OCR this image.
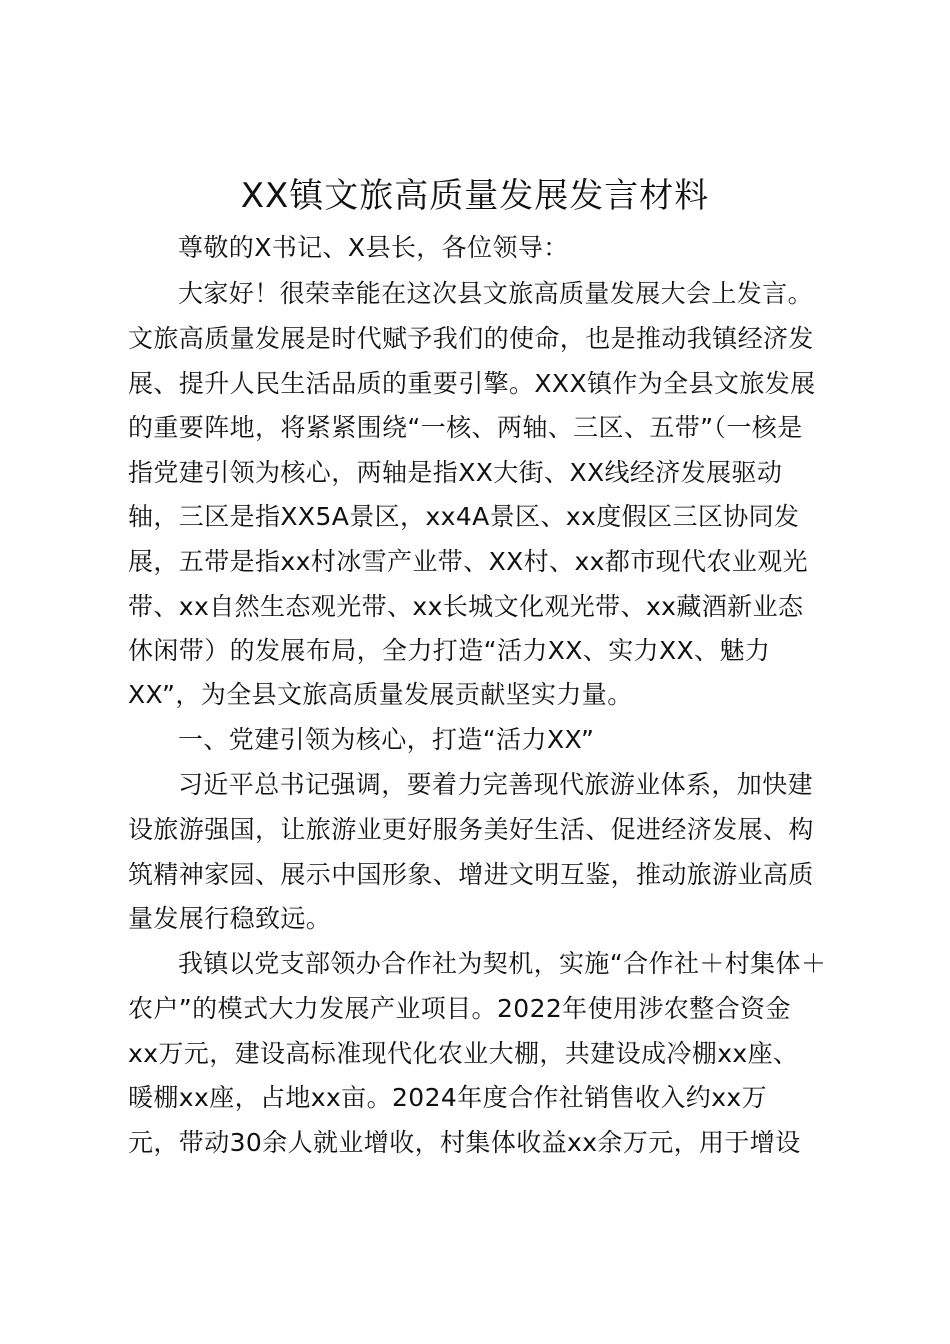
XX镇文旅高质量发展发言材料
尊敬的X书记、X县长，各位领导：
大家好！很荣幸能在这次县文旅高质量发展大会上发言。
文旅高质量发展是时代赋予我们的使命，也是推动我镇经济发
展、提升人民生活品质的重要引擎。XXX镇作为全县文旅发展
的重要阵地，将紧紧围绕“一核、两轴、三区、五带”（一核是
指党建引领为核心，两轴是指XX大街、XX线经济发展驱动
轴，三区是指XX5A景区，xx4A景区、xx度假区三区协同发
展，五带是指xx村冰雪产业带、XX村、xx都市现代农业观光
带、xx自然生态观光带、xx长城文化观光带、xx藏酒新业态
休闲带）的发展布局，全力打造“活力XX、实力XX、魅力
XX”，为全县文旅高质量发展贡献坚实力量。
一、党建引领为核心，打造“活力XX”
习近平总书记强调，要着力完善现代旅游业体系，加快建
设旅游强国，让旅游业更好服务美好生活、促进经济发展、构
筑精神家园、展示中国形象、增进文明互鉴，推动旅游业高质
量发展行稳致远。
我镇以党支部领办合作社为契机，实施“合作社＋村集体＋
农户”的模式大力发展产业项目。2022年使用涉农整合资金
xx万元，建设高标准现代化农业大棚，共建设成冷棚xx座、
暖棚xx座，占地xx亩。2024年度合作社销售收入约xx万
元，带动30余人就业增收，村集体收益xx余万元，用于增设
